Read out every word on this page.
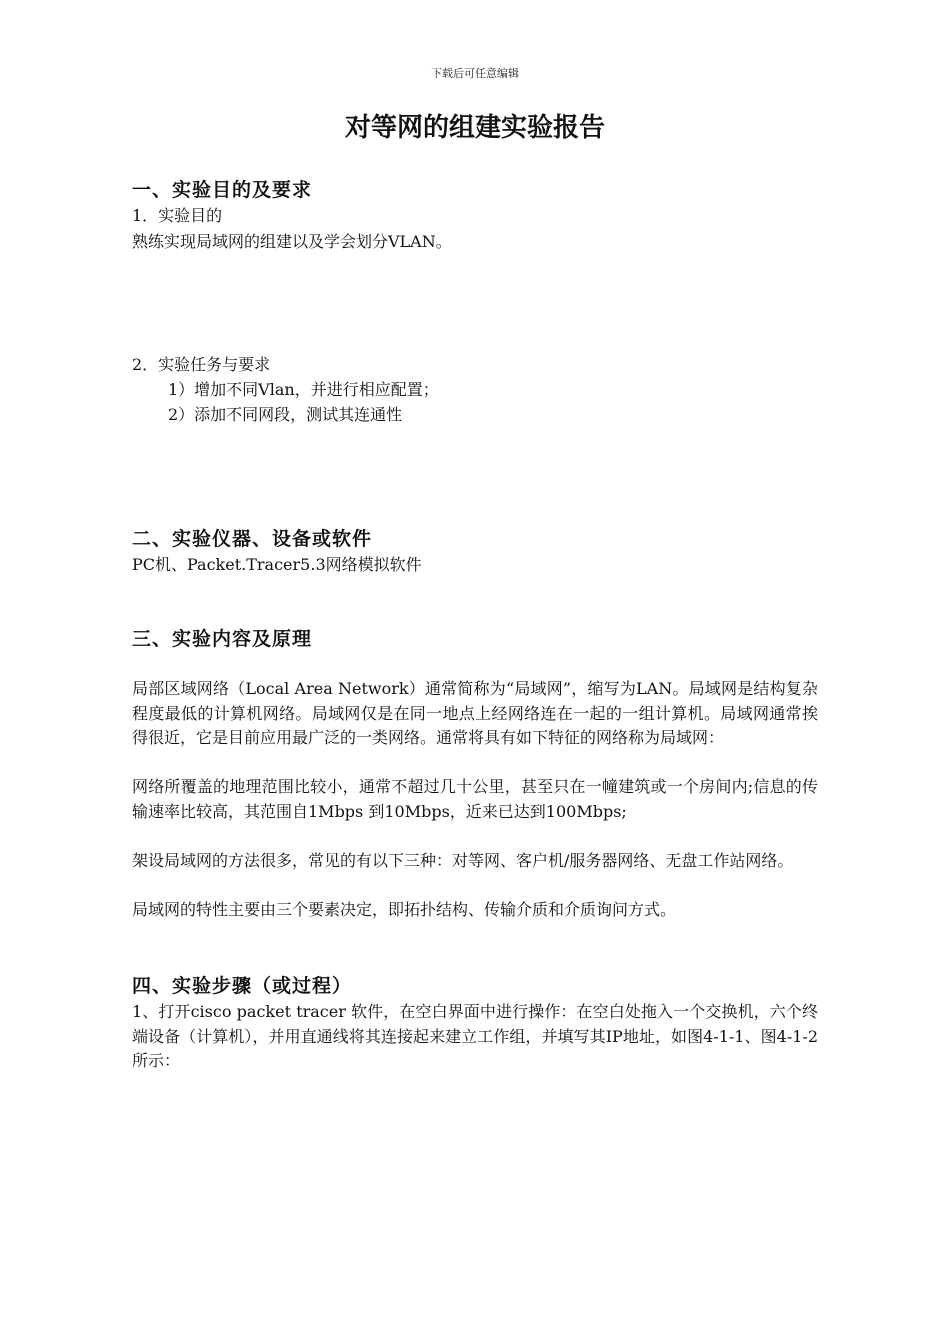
下载后可任意编辑
对等网的组建实验报告
一、实验目的及要求
1．实验目的
熟练实现局域网的组建以及学会划分VLAN。
2．实验任务与要求
1）增加不同Vlan，并进行相应配置；
2）添加不同网段，测试其连通性
二、实验仪器、设备或软件
PC机、Packet.Tracer5.3网络模拟软件
三、实验内容及原理
局部区域网络（Local Area Network）通常简称为“局域网”，缩写为LAN。局域网是结构复杂程度最低的计算机网络。局域网仅是在同一地点上经网络连在一起的一组计算机。局域网通常挨得很近，它是目前应用最广泛的一类网络。通常将具有如下特征的网络称为局域网：
网络所覆盖的地理范围比较小，通常不超过几十公里，甚至只在一幢建筑或一个房间内;信息的传输速率比较高，其范围自1Mbps 到10Mbps，近来已达到100Mbps;
架设局域网的方法很多，常见的有以下三种：对等网、客户机/服务器网络、无盘工作站网络。
局域网的特性主要由三个要素决定，即拓扑结构、传输介质和介质询问方式。
四、实验步骤（或过程）
1、打开cisco packet tracer 软件，在空白界面中进行操作：在空白处拖入一个交换机，六个终端设备（计算机），并用直通线将其连接起来建立工作组，并填写其IP地址，如图4-1-1、图4-1-2所示：
